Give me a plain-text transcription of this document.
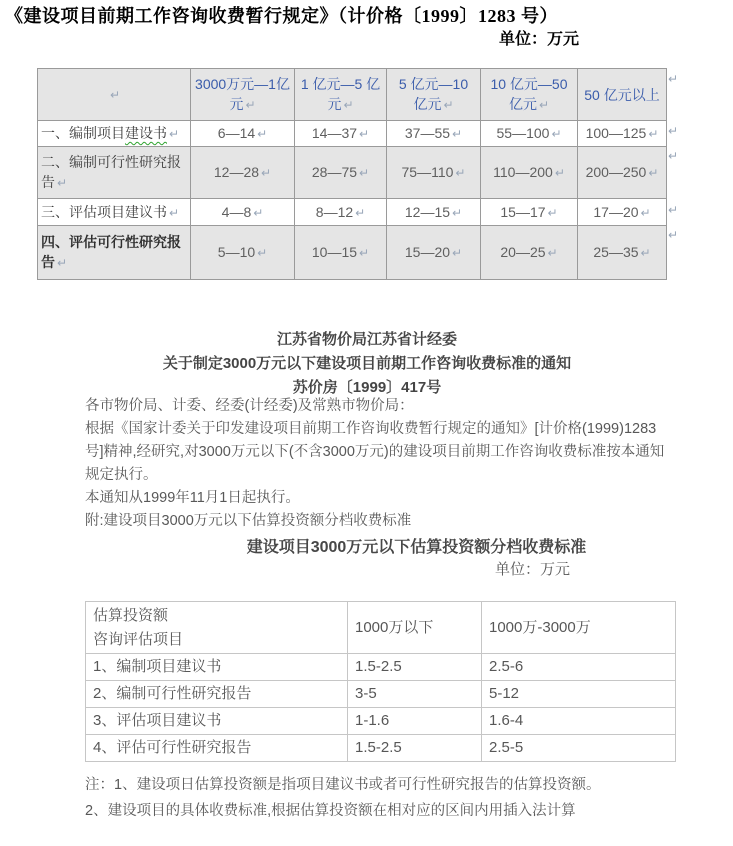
《建设项目前期工作咨询收费暂行规定》（计价格〔1999〕1283 号）
单位：万元
↵	3000万元—1亿元 ↵	1 亿元—5 亿元 ↵	5 亿元—10 亿元 ↵	10 亿元—50 亿元 ↵	50 亿元以上
一、编制项目建设书 ↵	6—14 ↵	14—37 ↵	37—55 ↵	55—100 ↵	100—125 ↵
二、编制可行性研究报告 ↵	12—28 ↵	28—75 ↵	75—110 ↵	110—200 ↵	200—250 ↵
三、评估项目建议书 ↵	4—8 ↵	8—12 ↵	12—15 ↵	15—17 ↵	17—20 ↵
四、评估可行性研究报告 ↵	5—10 ↵	10—15 ↵	15—20 ↵	20—25 ↵	25—35 ↵
↵
↵
↵
↵
↵
江苏省物价局江苏省计经委
关于制定3000万元以下建设项目前期工作咨询收费标准的通知
苏价房〔1999〕417号
各市物价局、计委、经委(计经委)及常熟市物价局：
根据《国家计委关于印发建设项目前期工作咨询收费暂行规定的通知》[计价格(1999)1283号]精神,经研究,对3000万元以下(不含3000万元)的建设项目前期工作咨询收费标准按本通知规定执行。
本通知从1999年11月1日起执行。
附:建设项目3000万元以下估算投资额分档收费标准
建设项目3000万元以下估算投资额分档收费标准
单位：万元
估算投资额
咨询评估项目	1000万以下	1000万-3000万
1、编制项目建议书	1.5-2.5	2.5-6
2、编制可行性研究报告	3-5	5-12
3、评估项目建议书	1-1.6	1.6-4
4、评估可行性研究报告	1.5-2.5	2.5-5
注：1、建设项日估算投资额是指项目建议书或者可行性研究报告的估算投资额。
2、建设项目的具体收费标准,根据估算投资额在相对应的区间内用插入法计算
